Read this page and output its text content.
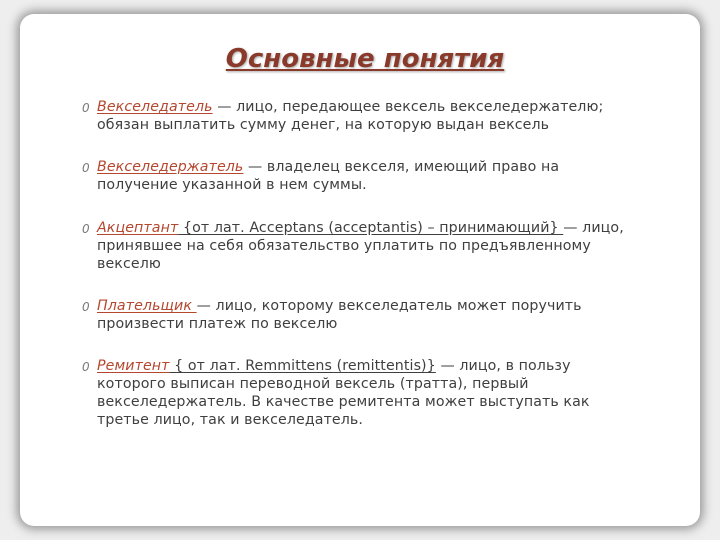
Основные понятия
0 Векселедатель — лицо, передающее вексель векселедержателю; обязан выплатить сумму денег, на которую выдан вексель
0 Векселедержатель — владелец векселя, имеющий право на получение указанной в нем суммы.
0 Акцептант {от лат. Acceptans (acceptantis) – принимающий} — лицо, принявшее на себя обязательство уплатить по предъявленному векселю
0 Плательщик — лицо, которому векселедатель может поручить произвести платеж по векселю
0 Ремитент { от лат. Remmittens (remittentis)} — лицо, в пользу которого выписан переводной вексель (тратта), первый векселедержатель. В качестве ремитента может выступать как третье лицо, так и векселедатель.
